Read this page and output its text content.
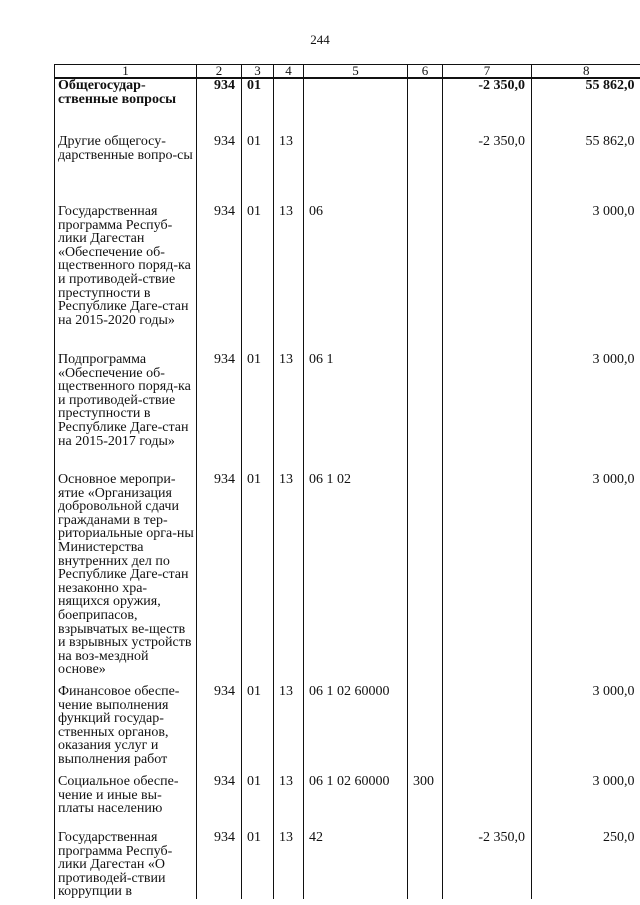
244
1	2	3	4	5	6	7	8
Общегосудар-ственные вопросы	934	01				-2 350,0	55 862,0
Другие общегосу-дарственные вопро-сы	934	01	13			-2 350,0	55 862,0
Государственная программа Респуб-лики Дагестан «Обеспечение об-щественного поряд-ка и противодей-ствие преступности в Республике Даге-стан на 2015-2020 годы»	934	01	13	06			3 000,0
Подпрограмма «Обеспечение об-щественного поряд-ка и противодей-ствие преступности в Республике Даге-стан на 2015-2017 годы»	934	01	13	06 1			3 000,0
Основное меропри-ятие «Организация добровольной сдачи гражданами в тер-риториальные орга-ны Министерства внутренних дел по Республике Даге-стан незаконно хра-нящихся оружия, боеприпасов, взрывчатых ве-ществ и взрывных устройств на воз-мездной основе»	934	01	13	06 1 02			3 000,0
Финансовое обеспе-чение выполнения функций государ-ственных органов, оказания услуг и выполнения работ	934	01	13	06 1 02 60000			3 000,0
Социальное обеспе-чение и иные вы-платы населению	934	01	13	06 1 02 60000	300		3 000,0
Государственная программа Респуб-лики Дагестан «О противодей-ствии коррупции в	934	01	13	42		-2 350,0	250,0
